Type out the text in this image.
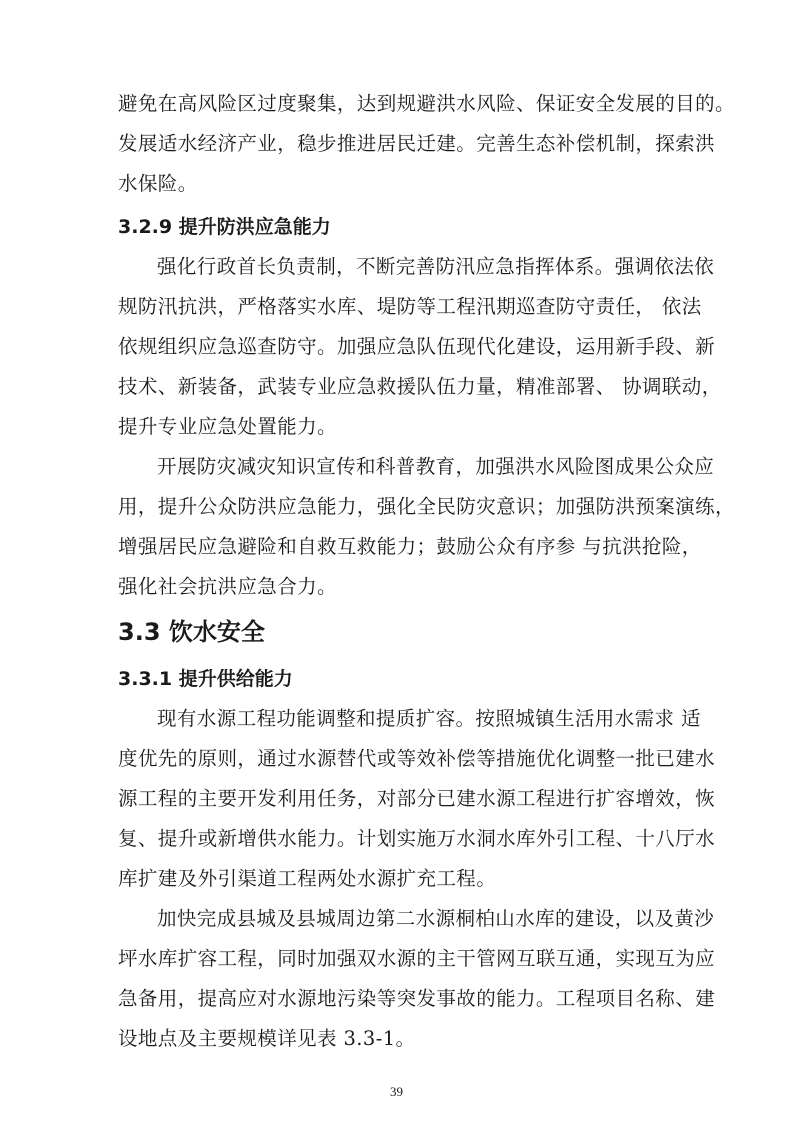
避免在高风险区过度聚集，达到规避洪水风险、保证安全发展的目的。
发展适水经济产业，稳步推进居民迁建。完善生态补偿机制，探索洪
水保险。
3.2.9 提升防洪应急能力
强化行政首长负责制，不断完善防汛应急指挥体系。强调依法依
规防汛抗洪，严格落实水库、堤防等工程汛期巡查防守责任， 依法
依规组织应急巡查防守。加强应急队伍现代化建设，运用新手段、新
技术、新装备，武装专业应急救援队伍力量，精准部署、 协调联动，
提升专业应急处置能力。
开展防灾减灾知识宣传和科普教育，加强洪水风险图成果公众应
用，提升公众防洪应急能力，强化全民防灾意识；加强防洪预案演练，
增强居民应急避险和自救互救能力；鼓励公众有序参 与抗洪抢险，
强化社会抗洪应急合力。
3.3 饮水安全
3.3.1 提升供给能力
现有水源工程功能调整和提质扩容。按照城镇生活用水需求 适
度优先的原则，通过水源替代或等效补偿等措施优化调整一批已建水
源工程的主要开发利用任务，对部分已建水源工程进行扩容增效，恢
复、提升或新增供水能力。计划实施万水洞水库外引工程、十八厅水
库扩建及外引渠道工程两处水源扩充工程。
加快完成县城及县城周边第二水源桐柏山水库的建设，以及黄沙
坪水库扩容工程，同时加强双水源的主干管网互联互通，实现互为应
急备用，提高应对水源地污染等突发事故的能力。工程项目名称、建
设地点及主要规模详见表 3.3-1。
39
